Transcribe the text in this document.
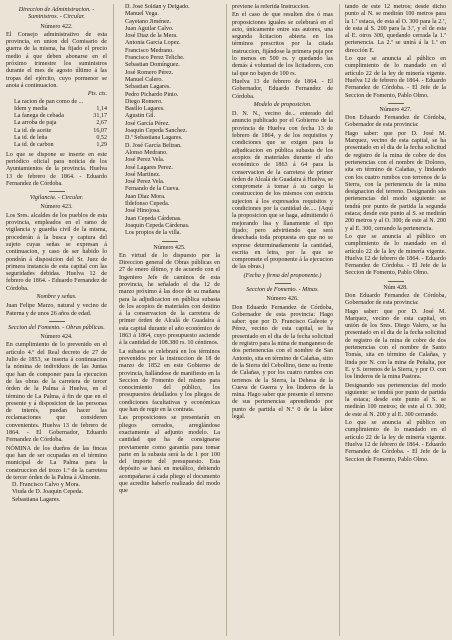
Direccion de Administracion. -Suministros. - Circular.

Número 422.

El Consejo administrativo de esta provincia, en union del Comisario de guerra de la misma, ha fijado el precio medio á que deben abonarse en el próximo trimestre los suministros durante el mes de agosto último á las tropas del ejército, cuyo pormenor se anota á continuacion.

Pts. cts.
La racion de pan como de ...
Idem y media	1,14
La fanega de cebada	31,17
La arroba de paja	2,67
La id. de aceite	16,07
La id. de leña	0,52
La id. de carbon	1,29

Lo que se dispone se inserte en este periódico oficial para noticia de los Ayuntamientos de la provincia. Huelva 13 de febrero de 1864. - Eduardo Fernandez de Córdoba.

Vigilancia. - Circular.

Número 423.

Los Sres. alcaldes de los pueblos de esta provincia, empleados en el ramo de vigilancia y guardia civil de la misma, procederán á la busca y captura del sujeto cuyas señas se expresan á continuacion, y caso de ser habido lo pondrán á disposicion del Sr. Juez de primera instancia de esta capital con las seguridades debidas. Huelva 12 de febrero de 1864. - Eduardo Fernandez de Córdoba.

Nombre y señas.

Juan Felipe Marzo, natural y vecino de Paterna y de unos 26 años de edad.

Seccion del Fomento. - Obras públicas.

Número 424.

En cumplimiento de lo prevenido en el artículo 4.º del Real decreto de 27 de Julio de 1853, se inserta á continuacion la nómina de individuos de las Juntas que han de componer para la ejecucion de las obras de la carretera de tercer órden de la Palma á Huelva, en el término de La Palma, á fin de que en el presente y á disposicion de las personas de interés, puedan hacer las reclamaciones que consideren convenientes. Huelva 13 de febrero de 1864. - El Gobernador, Eduardo Fernandez de Córdoba.

NÓMINA de los dueños de las fincas que han de ser ocupadas en el término municipal de La Palma para la construccion del trozo 1.º de la carretera de tercer órden de la Palma á Almonte.

D. Francisco Calvo y Mora.
Viuda de D. Joaquin Cepeda.
Sebastiana Lagares.
D. José Soldan y Delgado.
Manuel Vega.
Cayetano Jiménez.
Juan Aguilar Calvo.
José Diaz de la Mera.
Antonia García Lopez.
Francisco Medrano.
Francisco Perez Teliche.
Sebastian Domínguez.
José Romero Pérez.
Manuel Calero.
Sebastian Lagares.
Pedro Pichardo Pinto.
Diego Romero.
Basilio Lagares.
Agustin Gil.
José García Pérez.
Joaquin Cepeda Sanchez.
D.ª Sebastiana Lagares.
D. José García Beltran.
Alonso Medrano.
José Perez Vela.
José Lagares Perez.
José Martinez.
José Perez Vela.
Fernando de la Cueva.
Juan Diaz Mora.
Ildefonso Cepeda.
José Hinojosa.
Juan Cepeda Cárdenas.
Joaquin Cepeda Cárdenas.
Los propios de la villa.

Número 425.

En virtud de lo dispuesto por la Direccion general de Obras públicas en 27 de enero último, y de acuerdo con el Ingeniero Jefe de caminos de esta provincia, he señalado el dia 12 de marzo próximo á las doce de su mañana para la adjudicacion en pública subasta de los acopios de materiales con destino á la conservacion de la carretera de primer órden de Alcalá de Guadaira á esta capital durante el año económico de 1863 á 1864, cuyo presupuesto asciende á la cantidad de 108.380 rs. 10 céntimos.

La subasta se celebrará en los términos prevenidos por la instruccion de 18 de marzo de 1852 en este Gobierno de provincia, hallándose de manifiesto en la Seccion de Fomento del mismo para conocimiento del público, los presupuestos detallados y los pliegos de condiciones facultativas y económicas que han de regir en la contrata.

Las proposiciones se presentarán en pliegos cerrados, arreglándose exactamente al adjunto modelo. La cantidad que ha de consignarse previamente como garantía para tomar parte en la subasta será la de 1 por 100 del importe del presupuesto. Esta depósito se hará en metálico, debiendo acompañarse á cada pliego el documento que acredite haberlo realizado del modo que

previene la referida Instruccion.

En el caso de que resulten dos ó mas proposiciones iguales se celebrará en el acto, únicamente entre sus autores, una segunda licitacion abierta en los términos prescritos por la citada instruccion, fijándose la primera puja por lo menos en 500 rs. y quedando las demás á voluntad de los licitadores, con tal que no bajen de 100 rs.

Huelva 13 de febrero de 1864. - El Gobernador, Eduardo Fernandez de Córdoba.

Modelo de proposicion.

D. N. N., vecino de... enterado del anuncio publicado por el Gobierno de la provincia de Huelva con fecha 13 de febrero de 1864, y de los requisitos y condiciones que se exigen para la adjudicacion en pública subasta de los acopios de materiales durante el año económico de 1863 á 64 para la conservacion de la carretera de primer órden de Alcalá de Guadaira á Huelva, se compromete á tomar á su cargo la construccion de los mismos con estricta sujecion á los expresados requisitos y condiciones por la cantidad de..... (Aquí la proposicion que se haga, admitiendo ó mejorando lisa y llanamente el tipo fijado; pero advirtiendo que será desechada toda propuesta en que no se exprese determinadamente la cantidad, escrita en letra, por la que se compromete el proponente á la ejecucion de las obras.)

(Fecha y firma del proponente.)

Seccion de Fomento. - Minas.

Número 426.

Don Eduardo Fernandez de Córdoba, Gobernador de esta provincia: Hago saber: que por D. Francisco Galeote y Pérez, vecino de esta capital, se ha presentado en el dia de la fecha solicitud de registro para la mina de manganeso de dos pertenencias con el nombre de San Antonio, sita en término de Calañas, sitio de la Sierra del Cebollino, tiene su frente de Calañas, y por los cuatro rumbos con terrenos de la Sierra, la Dehesa de la Cueva de Guerra y los linderos de la mina. Hago saber que presente el terreno de sus pertenencias aprendiendo por punto de partida el N.º 0 de la labor legal.

tando de este 12 metros; desde dicho punto al N. se medirán 100 metros para la 1.ª estaca, de esta al O. 300 para la 2.ª, de esta al S. 200 para la 3.ª, y el de esta al E. otros 300, quedando cerrada la 1.ª pertenencia. La 2.ª se unirá á la 1.ª en dirección E.

Lo que se anuncia al público en cumplimiento de lo mandado en el artículo 22 de la ley de minería vigente. Huelva 12 de febrero de 1864. - Eduardo Fernandez de Córdoba. - El Jefe de la Seccion de Fomento, Pablo Olmo.

Número 427.

Don Eduardo Fernandez de Córdoba, Gobernador de esta provincia:

Hago saber: que por D. José M. Marquez, vecino de esta capital, se ha presentado en el dia de la fecha solicitud de registro de la mina de cobre de dos pertenencias con el nombre de Dolores, sita en término de Calañas, y lindando con los cuatro rumbos con terrenos de la Sierra, con la pertenencia de la mina designacion del terreno. Designando sus pertenencias del modo siguiente: se tendrá por punto de partida la segunda estaca; desde este punto al S. se medirán 200 metros y al O. 300; de este al N. 200 y al E. 300, cerrando la pertenencia.

Lo que se anuncia al público en cumplimiento de lo mandado en el artículo 22 de la ley de minería vigente. Huelva 12 de febrero de 1864. - Eduardo Fernandez de Córdoba. - El Jefe de la Seccion de Fomento, Pablo Olmo.

Núm 428.

Don Eduardo Fernandez de Córdoba, Gobernador de esta provincia:

Hago saber: que por D. José M. Marquez, vecino de esta capital, en unión de los Sres. Diego Valero, se ha presentado en el dia de la fecha solicitud de registro de la mina de cobre de dos pertenencias con el nombre de Santo Tomás, sita en término de Calañas, y linda por N. con la mina de Peñalta, por E. y S. terrenos de la Sierra, y por O. con los linderos de la mina Pastora.

Designando sus pertenencias del modo siguiente: se tendrá por punto de partida la estaca; desde este punto al S. se medirán 100 metros; de este al O. 300; de este al N. 200 y al E. 300 cerrando.

Lo que se anuncia al público en cumplimiento de lo mandado en el artículo 22 de la ley de minería vigente. Huelva 12 de febrero de 1864. - Eduardo Fernandez de Córdoba. - El Jefe de la Seccion de Fomento, Pablo Olmo.
